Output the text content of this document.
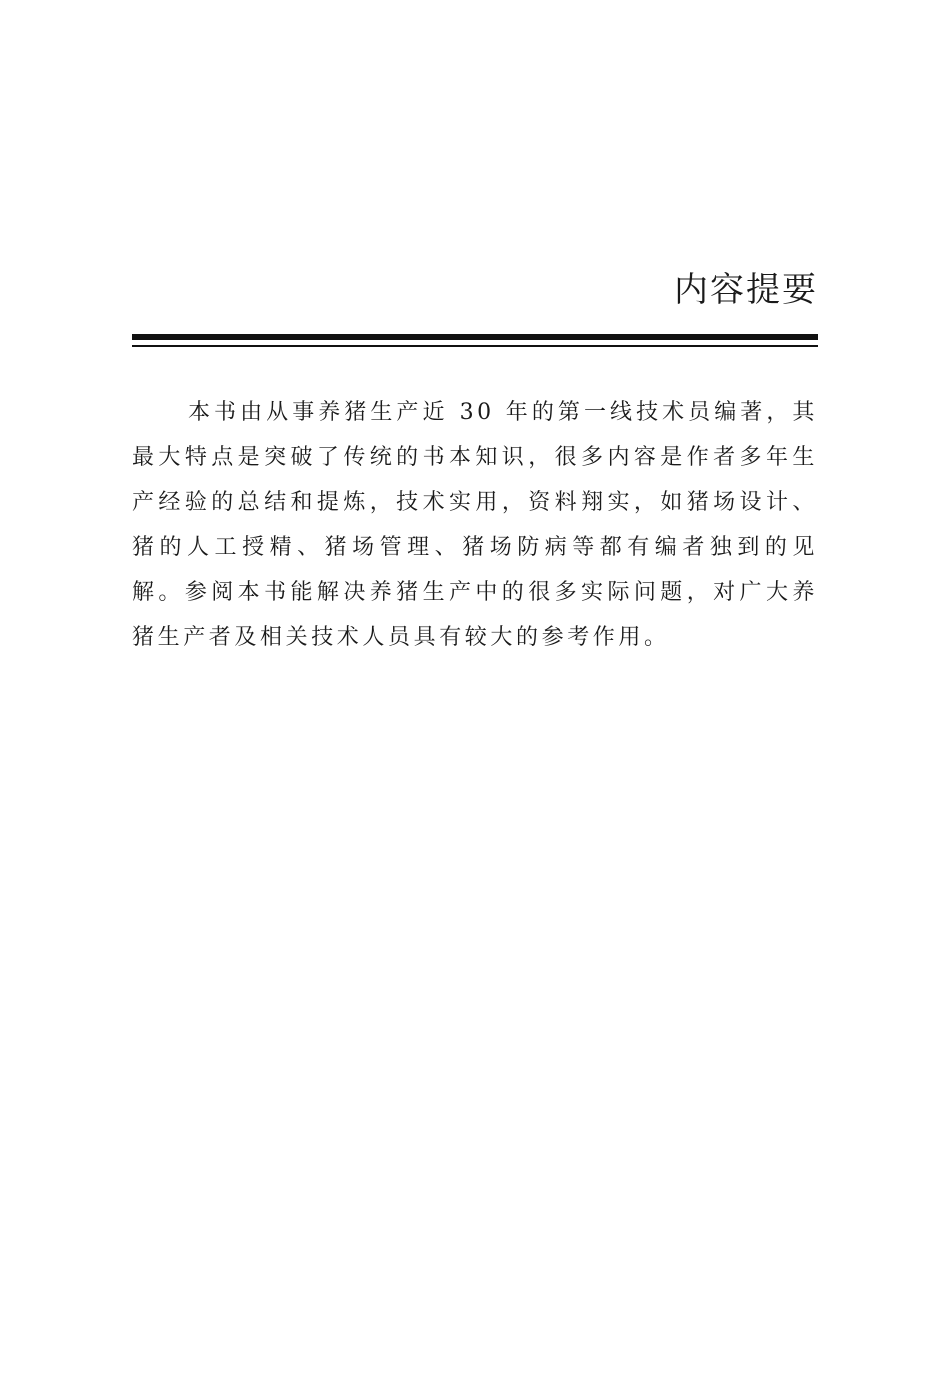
内容提要

本书由从事养猪生产近 30 年的第一线技术员编著，其最大特点是突破了传统的书本知识，很多内容是作者多年生产经验的总结和提炼，技术实用，资料翔实，如猪场设计、猪的人工授精、猪场管理、猪场防病等都有编者独到的见解。参阅本书能解决养猪生产中的很多实际问题，对广大养猪生产者及相关技术人员具有较大的参考作用。
